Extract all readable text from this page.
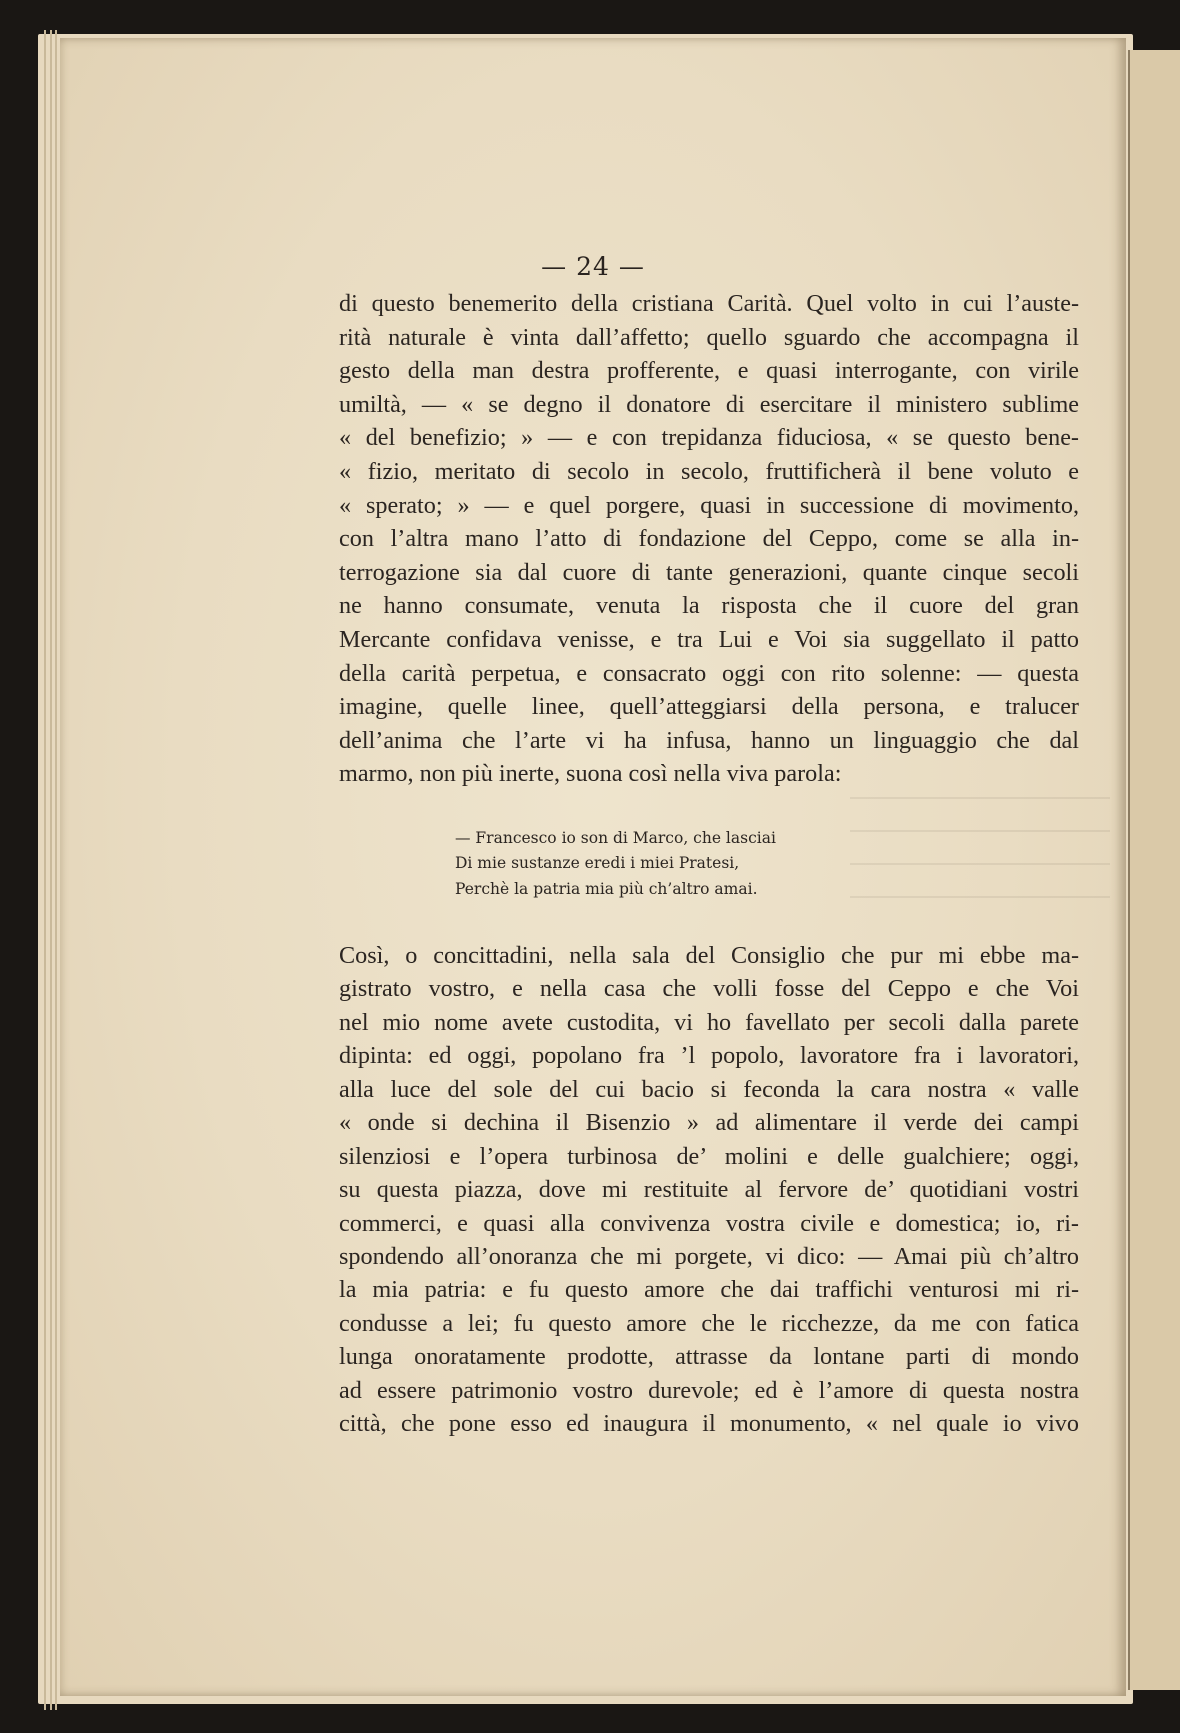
— 24 —
di questo benemerito della cristiana Carità. Quel volto in cui l’auste-
rità naturale è vinta dall’affetto; quello sguardo che accompagna il
gesto della man destra profferente, e quasi interrogante, con virile
umiltà, — « se degno il donatore di esercitare il ministero sublime
« del benefizio; » — e con trepidanza fiduciosa, « se questo bene-
« fizio, meritato di secolo in secolo, fruttificherà il bene voluto e
« sperato; » — e quel porgere, quasi in successione di movimento,
con l’altra mano l’atto di fondazione del Ceppo, come se alla in-
terrogazione sia dal cuore di tante generazioni, quante cinque secoli
ne hanno consumate, venuta la risposta che il cuore del gran
Mercante confidava venisse, e tra Lui e Voi sia suggellato il patto
della carità perpetua, e consacrato oggi con rito solenne: — questa
imagine, quelle linee, quell’atteggiarsi della persona, e tralucer
dell’anima che l’arte vi ha infusa, hanno un linguaggio che dal
marmo, non più inerte, suona così nella viva parola:
— Francesco io son di Marco, che lasciai
Di mie sustanze eredi i miei Pratesi,
Perchè la patria mia più ch’altro amai.
Così, o concittadini, nella sala del Consiglio che pur mi ebbe ma-
gistrato vostro, e nella casa che volli fosse del Ceppo e che Voi
nel mio nome avete custodita, vi ho favellato per secoli dalla parete
dipinta: ed oggi, popolano fra ’l popolo, lavoratore fra i lavoratori,
alla luce del sole del cui bacio si feconda la cara nostra « valle
« onde si dechina il Bisenzio » ad alimentare il verde dei campi
silenziosi e l’opera turbinosa de’ molini e delle gualchiere; oggi,
su questa piazza, dove mi restituite al fervore de’ quotidiani vostri
commerci, e quasi alla convivenza vostra civile e domestica; io, ri-
spondendo all’onoranza che mi porgete, vi dico: — Amai più ch’altro
la mia patria: e fu questo amore che dai traffichi venturosi mi ri-
condusse a lei; fu questo amore che le ricchezze, da me con fatica
lunga onoratamente prodotte, attrasse da lontane parti di mondo
ad essere patrimonio vostro durevole; ed è l’amore di questa nostra
città, che pone esso ed inaugura il monumento, « nel quale io vivo
